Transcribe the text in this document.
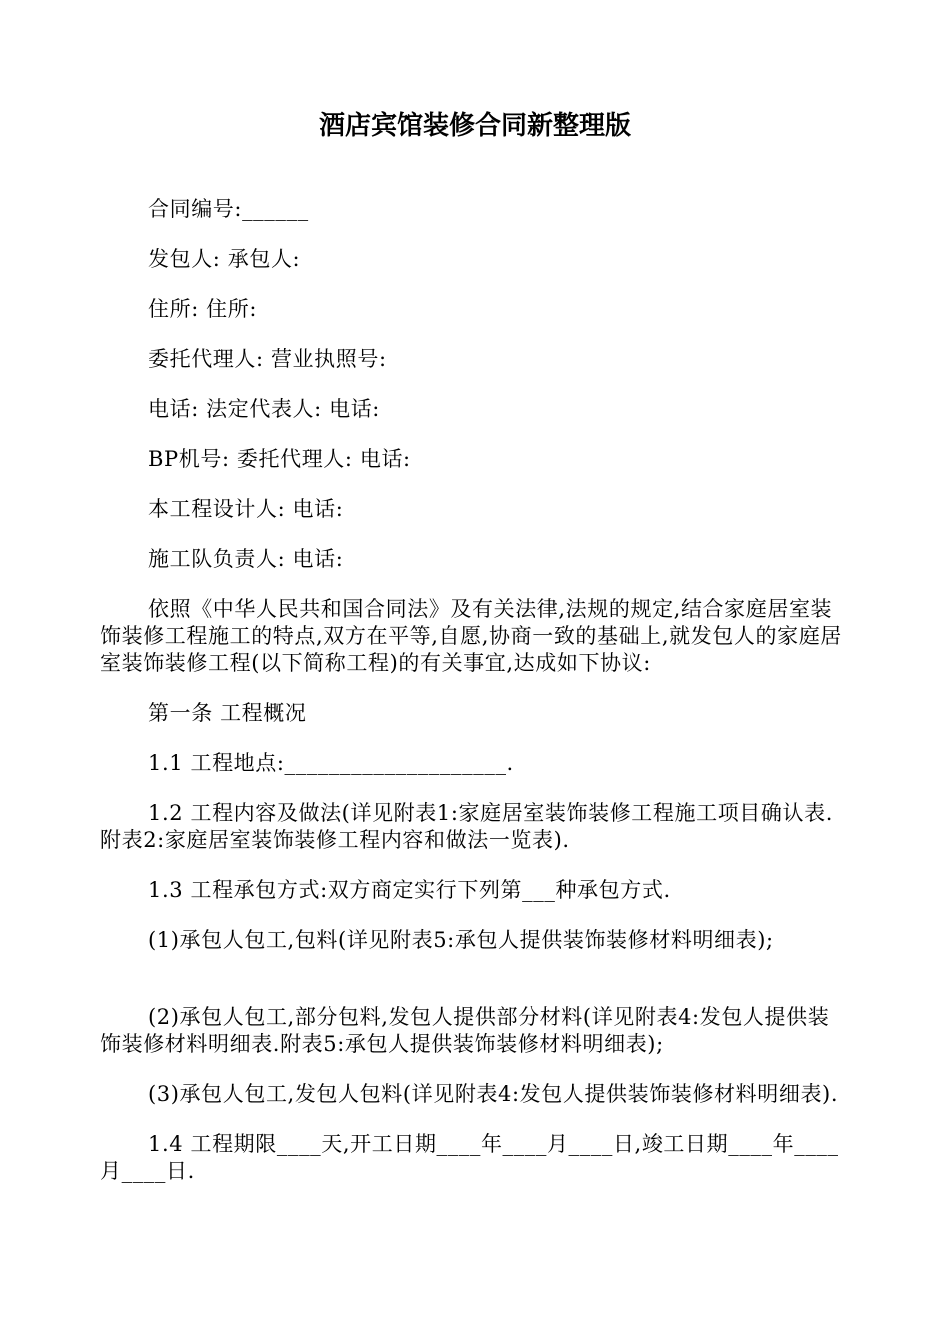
酒店宾馆装修合同新整理版

合同编号:______

发包人: 承包人:

住所: 住所:

委托代理人: 营业执照号:

电话: 法定代表人: 电话:

BP机号: 委托代理人: 电话:

本工程设计人: 电话:

施工队负责人: 电话:

依照《中华人民共和国合同法》及有关法律,法规的规定,结合家庭居室装饰装修工程施工的特点,双方在平等,自愿,协商一致的基础上,就发包人的家庭居室装饰装修工程(以下简称工程)的有关事宜,达成如下协议:

第一条 工程概况

1.1 工程地点:____________________.

1.2 工程内容及做法(详见附表1:家庭居室装饰装修工程施工项目确认表.附表2:家庭居室装饰装修工程内容和做法一览表).

1.3 工程承包方式:双方商定实行下列第___种承包方式.

(1)承包人包工,包料(详见附表5:承包人提供装饰装修材料明细表);

(2)承包人包工,部分包料,发包人提供部分材料(详见附表4:发包人提供装饰装修材料明细表.附表5:承包人提供装饰装修材料明细表);

(3)承包人包工,发包人包料(详见附表4:发包人提供装饰装修材料明细表).

1.4 工程期限____天,开工日期____年____月____日,竣工日期____年____月____日.
